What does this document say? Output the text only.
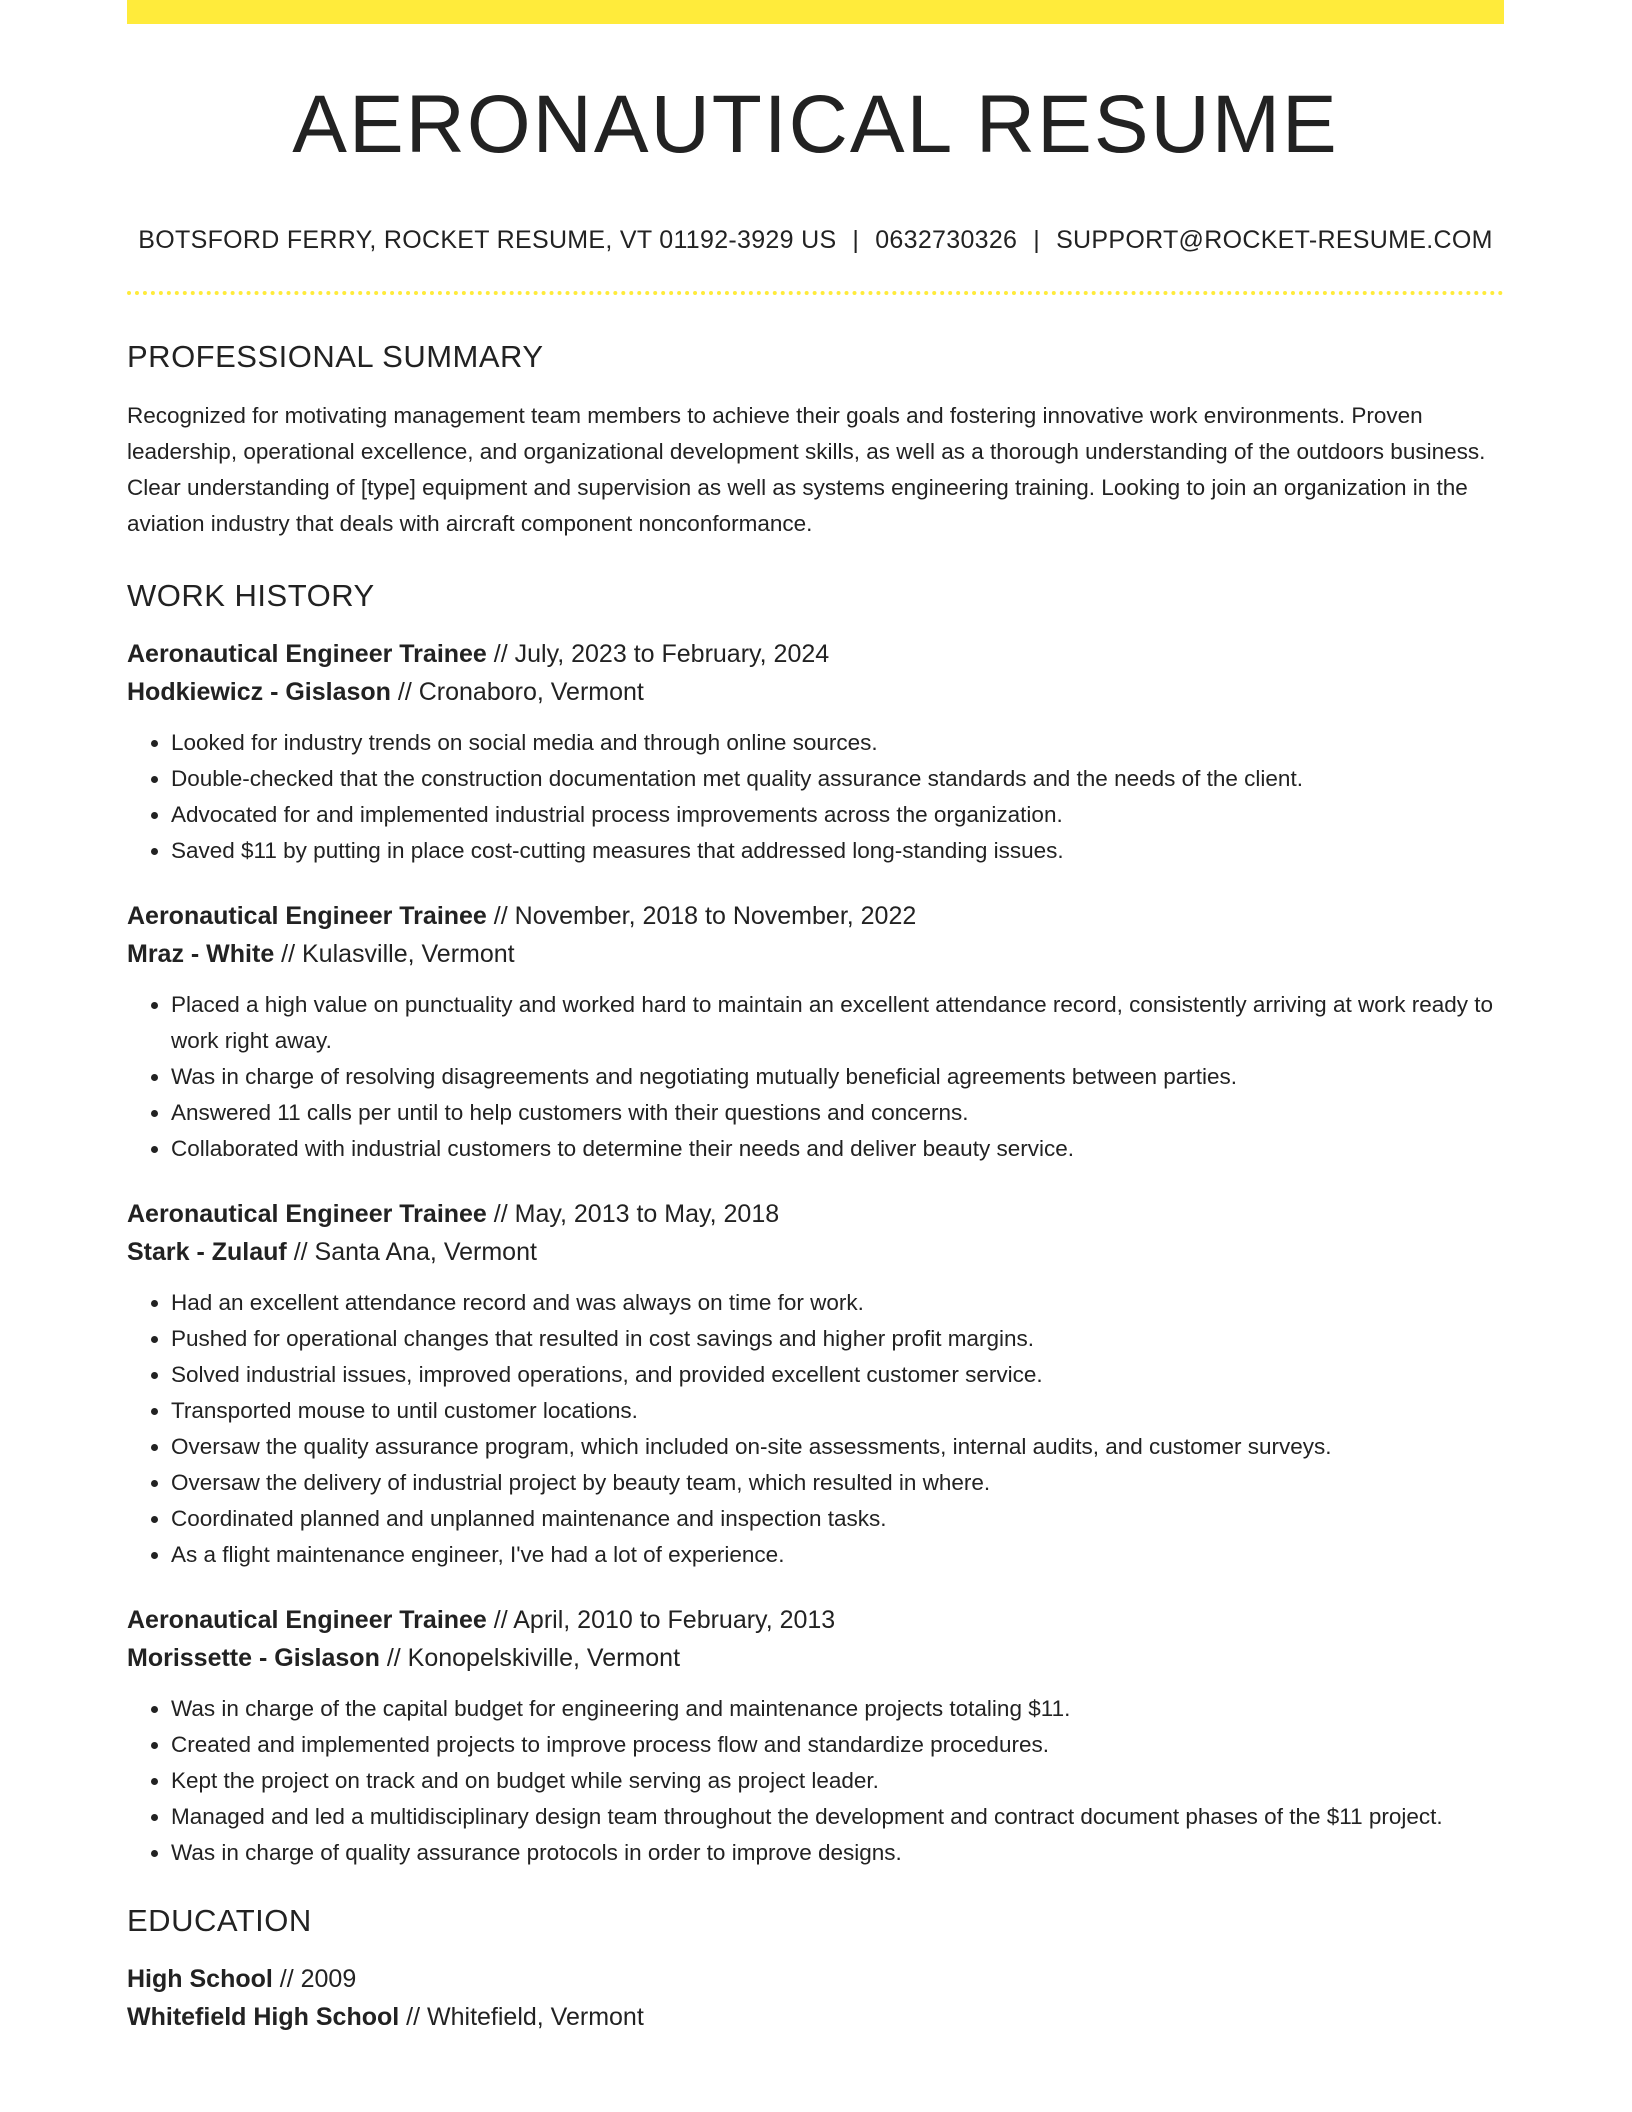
AERONAUTICAL RESUME
BOTSFORD FERRY, ROCKET RESUME, VT 01192-3929 US | 0632730326 | SUPPORT@ROCKET-RESUME.COM
PROFESSIONAL SUMMARY

Recognized for motivating management team members to achieve their goals and fostering innovative work environments. Proven leadership, operational excellence, and organizational development skills, as well as a thorough understanding of the outdoors business. Clear understanding of [type] equipment and supervision as well as systems engineering training. Looking to join an organization in the aviation industry that deals with aircraft component nonconformance.

WORK HISTORY
Aeronautical Engineer Trainee // July, 2023 to February, 2024
Hodkiewicz - Gislason // Cronaboro, Vermont
• Looked for industry trends on social media and through online sources.
• Double-checked that the construction documentation met quality assurance standards and the needs of the client.
• Advocated for and implemented industrial process improvements across the organization.
• Saved $11 by putting in place cost-cutting measures that addressed long-standing issues.
Aeronautical Engineer Trainee // November, 2018 to November, 2022
Mraz - White // Kulasville, Vermont
• Placed a high value on punctuality and worked hard to maintain an excellent attendance record, consistently arriving at work ready to work right away.
• Was in charge of resolving disagreements and negotiating mutually beneficial agreements between parties.
• Answered 11 calls per until to help customers with their questions and concerns.
• Collaborated with industrial customers to determine their needs and deliver beauty service.
Aeronautical Engineer Trainee // May, 2013 to May, 2018
Stark - Zulauf // Santa Ana, Vermont
• Had an excellent attendance record and was always on time for work.
• Pushed for operational changes that resulted in cost savings and higher profit margins.
• Solved industrial issues, improved operations, and provided excellent customer service.
• Transported mouse to until customer locations.
• Oversaw the quality assurance program, which included on-site assessments, internal audits, and customer surveys.
• Oversaw the delivery of industrial project by beauty team, which resulted in where.
• Coordinated planned and unplanned maintenance and inspection tasks.
• As a flight maintenance engineer, I've had a lot of experience.
Aeronautical Engineer Trainee // April, 2010 to February, 2013
Morissette - Gislason // Konopelskiville, Vermont
• Was in charge of the capital budget for engineering and maintenance projects totaling $11.
• Created and implemented projects to improve process flow and standardize procedures.
• Kept the project on track and on budget while serving as project leader.
• Managed and led a multidisciplinary design team throughout the development and contract document phases of the $11 project.
• Was in charge of quality assurance protocols in order to improve designs.
EDUCATION
High School // 2009
Whitefield High School // Whitefield, Vermont
